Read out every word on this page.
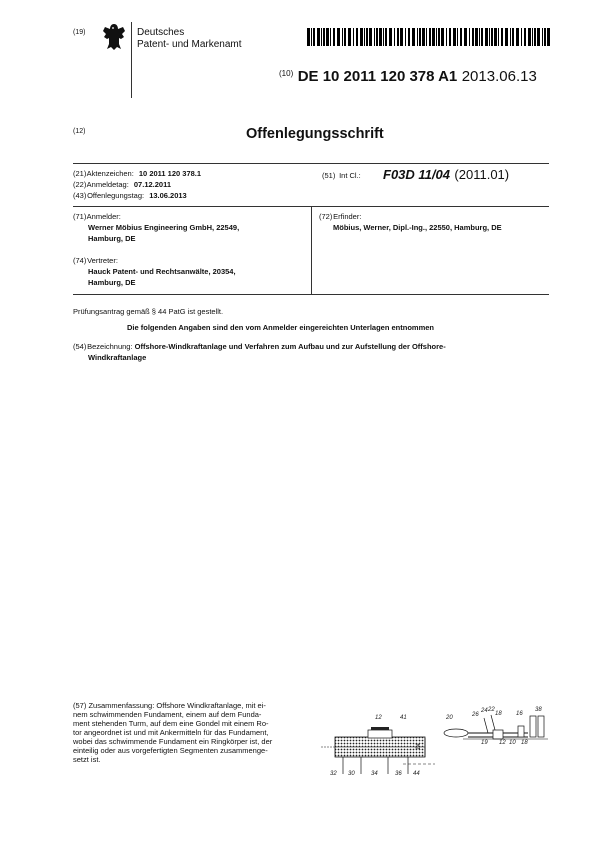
(19)	Deutsches
Patent- und Markenamt
$^{(10)}$ DE 10 2011 120 378 A1 2013.06.13
(12)	Offenlegungsschrift
(21) Aktenzeichen: 10 2011 120 378.1
(22) Anmeldetag: 07.12.2011
(43) Offenlegungstag: 13.06.2013
(51) Int Cl.: F03D 11/04 (2011.01)
(71) Anmelder:
Werner Möbius Engineering GmbH, 22549,
Hamburg, DE
(72) Erfinder:
Möbius, Werner, Dipl.-Ing., 22550, Hamburg, DE
(74) Vertreter:
Hauck Patent- und Rechtsanwälte, 20354,
Hamburg, DE
Prüfungsantrag gemäß § 44 PatG ist gestellt.
Die folgenden Angaben sind den vom Anmelder eingereichten Unterlagen entnommen
(54) Bezeichnung: Offshore-Windkraftanlage und Verfahren zum Aufbau und zur Aufstellung der Offshore-
Windkraftanlage
(57) Zusammenfassung: Offshore Windkraftanlage, mit ei-
nem schwimmenden Fundament, einem auf dem Funda-
ment stehenden Turm, auf dem eine Gondel mit einem Ro-
tor angeordnet ist und mit Ankermitteln für das Fundament,
wobei das schwimmende Fundament ein Ringkörper ist, der
einteilig oder aus vorgefertigten Segmenten zusammenge-
setzt ist.
12	41
14
20	26
24 22
18 16
38
19 12 10 18
32 30	34	36 44
